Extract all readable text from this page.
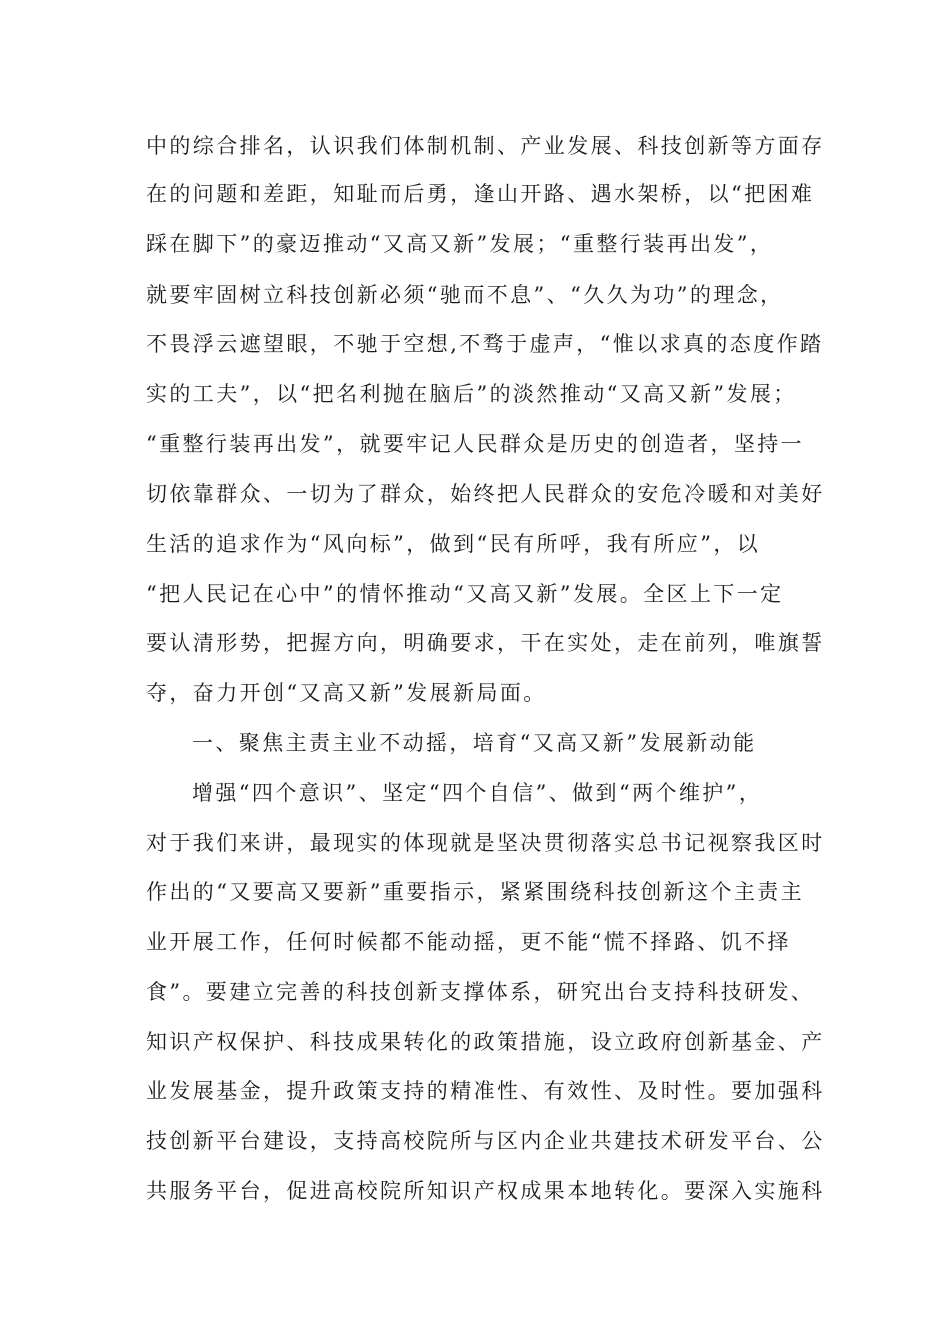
中的综合排名，认识我们体制机制、产业发展、科技创新等方面存
在的问题和差距，知耻而后勇，逢山开路、遇水架桥，以“把困难
踩在脚下”的豪迈推动“又高又新”发展；“重整行装再出发”，
就要牢固树立科技创新必须“驰而不息”、“久久为功”的理念，
不畏浮云遮望眼，不驰于空想,不骛于虚声，“惟以求真的态度作踏
实的工夫”，以“把名利抛在脑后”的淡然推动“又高又新”发展；
“重整行装再出发”，就要牢记人民群众是历史的创造者，坚持一
切依靠群众、一切为了群众，始终把人民群众的安危冷暖和对美好
生活的追求作为“风向标”，做到“民有所呼，我有所应”，以
“把人民记在心中”的情怀推动“又高又新”发展。全区上下一定
要认清形势，把握方向，明确要求，干在实处，走在前列，唯旗誓
夺，奋力开创“又高又新”发展新局面。
一、聚焦主责主业不动摇，培育“又高又新”发展新动能
增强“四个意识”、坚定“四个自信”、做到“两个维护”，
对于我们来讲，最现实的体现就是坚决贯彻落实总书记视察我区时
作出的“又要高又要新”重要指示，紧紧围绕科技创新这个主责主
业开展工作，任何时候都不能动摇，更不能“慌不择路、饥不择
食”。要建立完善的科技创新支撑体系，研究出台支持科技研发、
知识产权保护、科技成果转化的政策措施，设立政府创新基金、产
业发展基金，提升政策支持的精准性、有效性、及时性。要加强科
技创新平台建设，支持高校院所与区内企业共建技术研发平台、公
共服务平台，促进高校院所知识产权成果本地转化。要深入实施科
